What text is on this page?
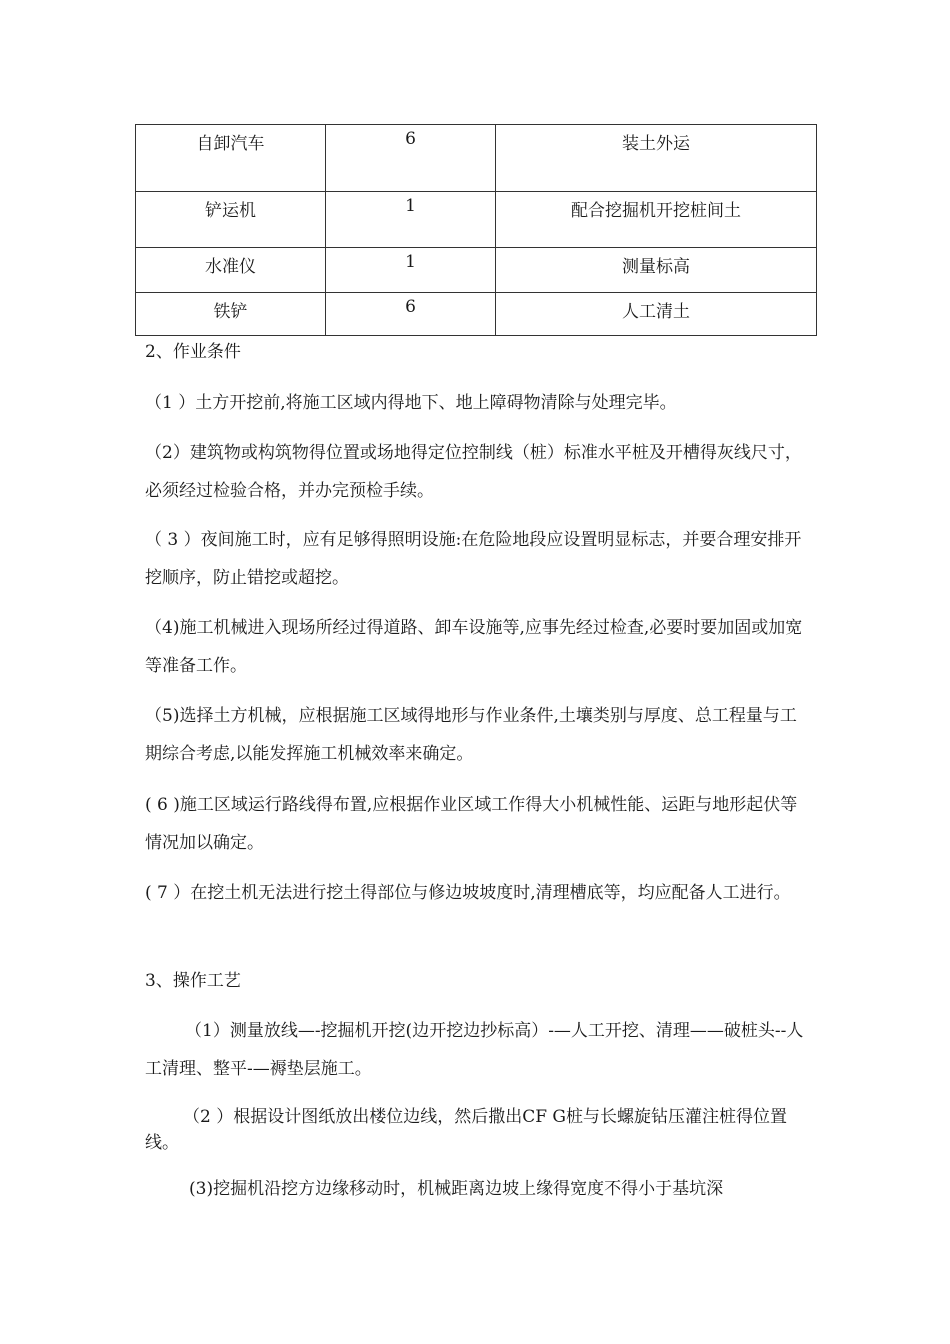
自卸汽车	6	装土外运
铲运机	1	配合挖掘机开挖桩间土
水准仪	1	测量标高
铁铲	6	人工清土

2、作业条件

（1 ）土方开挖前,将施工区域内得地下、地上障碍物清除与处理完毕。

（2）建筑物或构筑物得位置或场地得定位控制线（桩）标准水平桩及开槽得灰线尺寸，必须经过检验合格，并办完预检手续。

（ 3 ）夜间施工时，应有足够得照明设施:在危险地段应设置明显标志，并要合理安排开挖顺序，防止错挖或超挖。

（4)施工机械进入现场所经过得道路、卸车设施等,应事先经过检查,必要时要加固或加宽等准备工作。

（5)选择土方机械，应根据施工区域得地形与作业条件,土壤类别与厚度、总工程量与工期综合考虑,以能发挥施工机械效率来确定。

( 6 )施工区域运行路线得布置,应根据作业区域工作得大小机械性能、运距与地形起伏等情况加以确定。

( 7 ）在挖土机无法进行挖土得部位与修边坡坡度时,清理槽底等，均应配备人工进行。

3、操作工艺

（1）测量放线—-挖掘机开挖(边开挖边抄标高）-—人工开挖、清理——破桩头--人工清理、整平-—褥垫层施工。

（2 ）根据设计图纸放出楼位边线，然后撒出CF G桩与长螺旋钻压灌注桩得位置线。

(3)挖掘机沿挖方边缘移动时，机械距离边坡上缘得宽度不得小于基坑深
